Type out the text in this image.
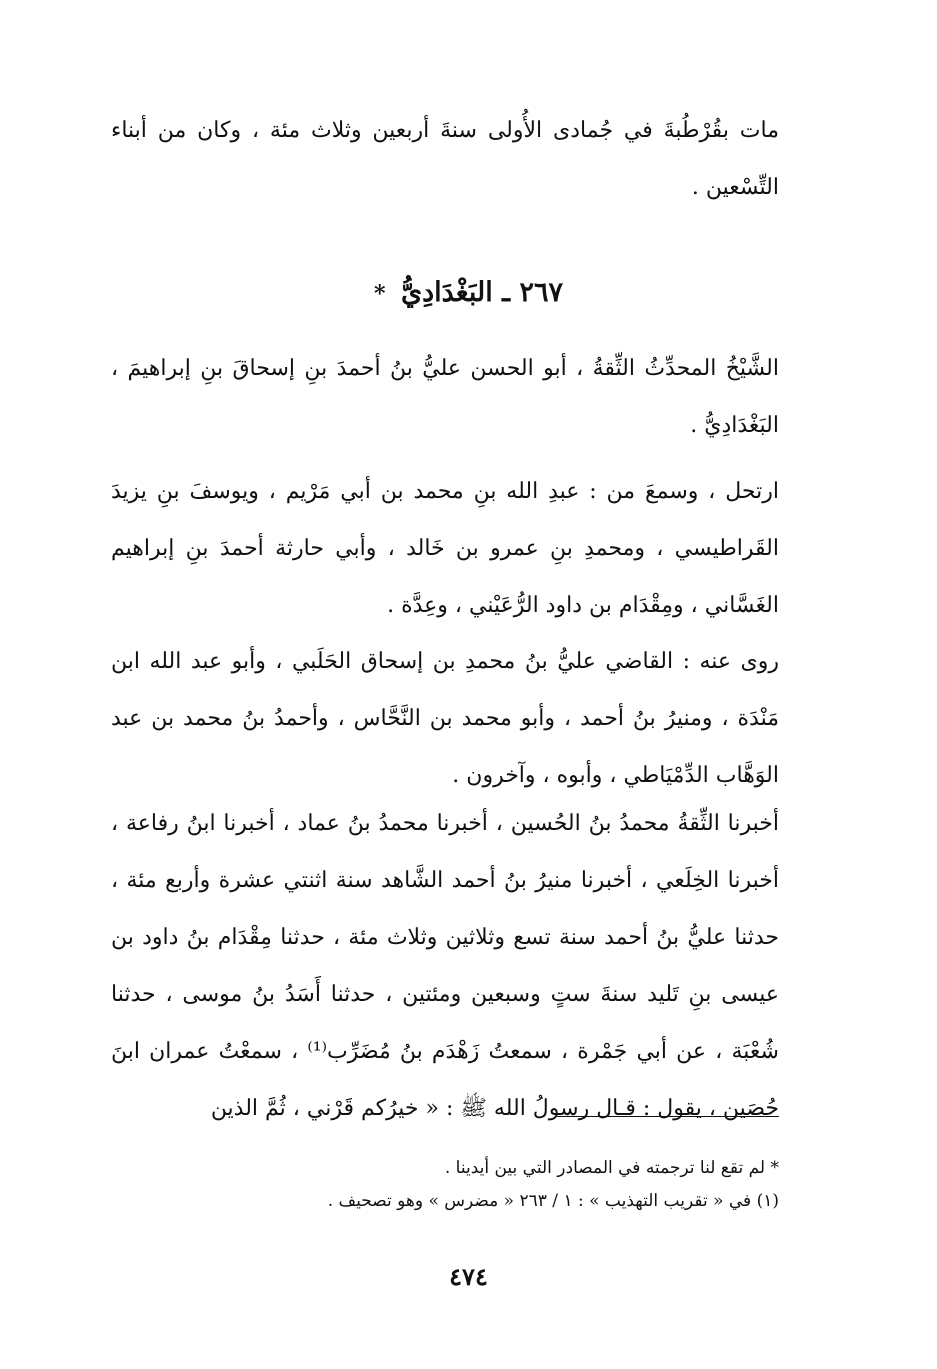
مات بقُرْطُبةَ في جُمادى الأُولى سنةَ أربعين وثلاث مئة ، وكان من أبناء التِّسْعين .

٢٦٧ ـ البَغْدَادِيُّ *

الشَّيْخُ المحدِّثُ الثِّقةُ ، أبو الحسن عليُّ بنُ أحمدَ بنِ إسحاقَ بنِ إبراهيمَ ، البَغْدَادِيُّ .

ارتحل ، وسمعَ من : عبدِ الله بنِ محمد بن أبي مَرْيم ، ويوسفَ بنِ يزيدَ القَراطيسي ، ومحمدِ بنِ عمرو بن خَالد ، وأبي حارثة أحمدَ بنِ إبراهيم الغَسَّاني ، ومِقْدَام بن داود الرُّعَيْني ، وعِدَّة .

روى عنه : القاضي عليُّ بنُ محمدِ بن إسحاق الحَلَبي ، وأبو عبد الله ابن مَنْدَة ، ومنيرُ بنُ أحمد ، وأبو محمد بن النَّحَّاس ، وأحمدُ بنُ محمد بن عبد الوَهَّاب الدِّمْيَاطي ، وأبوه ، وآخرون .

أخبرنا الثِّقةُ محمدُ بنُ الحُسين ، أخبرنا محمدُ بنُ عماد ، أخبرنا ابنُ رفاعة ، أخبرنا الخِلَعي ، أخبرنا منيرُ بنُ أحمد الشَّاهد سنة اثنتي عشرة وأربع مئة ، حدثنا عليُّ بنُ أحمد سنة تسع وثلاثين وثلاث مئة ، حدثنا مِقْدَام بنُ داود بن عيسى بنِ تَليد سنةَ ستٍ وسبعين ومئتين ، حدثنا أَسَدُ بنُ موسى ، حدثنا شُعْبَة ، عن أبي جَمْرة ، سمعتُ زَهْدَم بنُ مُضَرِّب⁽¹⁾ ، سمعْتُ عمران ابنَ حُصَين ، يقول : قـال رسولُ الله ﷺ : « خيرُكم قَرْني ، ثُمَّ الذين

* لم تقع لنا ترجمته في المصادر التي بين أيدينا .
(١) في « تقريب التهذيب » : ١ / ٢٦٣ « مضرس » وهو تصحيف .
٤٧٤
